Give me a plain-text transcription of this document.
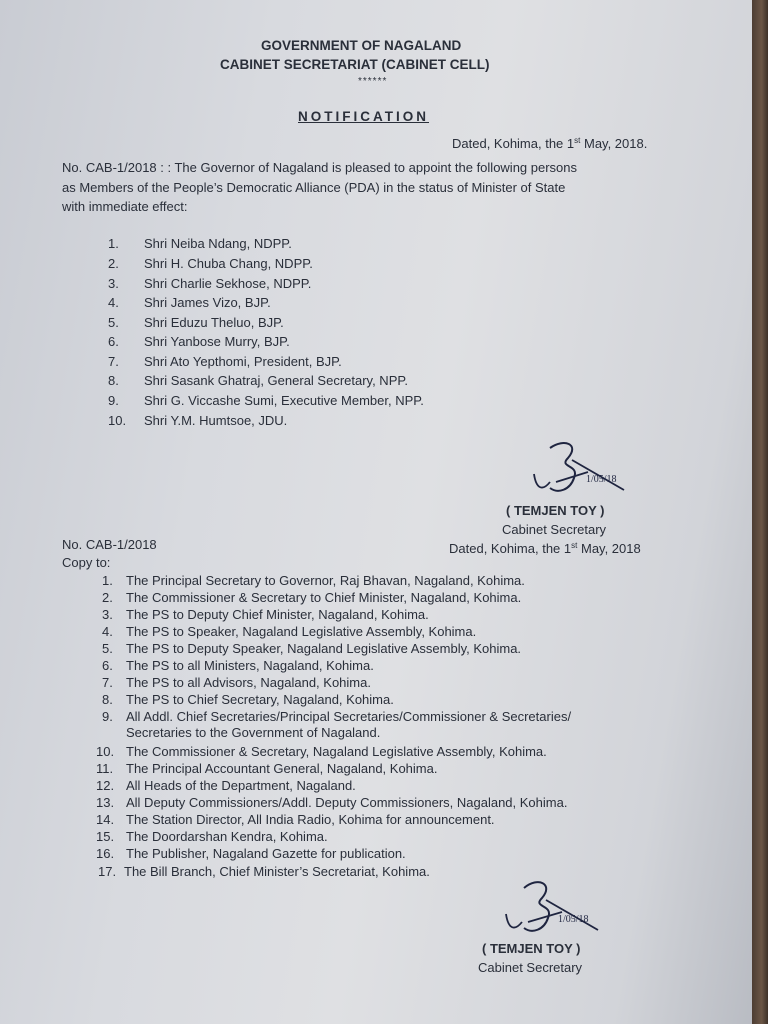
GOVERNMENT OF NAGALAND
CABINET SECRETARIAT (CABINET CELL)
******
NOTIFICATION
Dated, Kohima, the 1st May, 2018.
No. CAB-1/2018 : : The Governor of Nagaland is pleased to appoint the following persons
as Members of the People’s Democratic Alliance (PDA) in the status of Minister of State
with immediate effect:
1. Shri Neiba Ndang, NDPP.
2. Shri H. Chuba Chang, NDPP.
3. Shri Charlie Sekhose, NDPP.
4. Shri James Vizo, BJP.
5. Shri Eduzu Theluo, BJP.
6. Shri Yanbose Murry, BJP.
7. Shri Ato Yepthomi, President, BJP.
8. Shri Sasank Ghatraj, General Secretary, NPP.
9. Shri G. Viccashe Sumi, Executive Member, NPP.
10. Shri Y.M. Humtsoe, JDU.
1/05/18
( TEMJEN TOY )
Cabinet Secretary
No. CAB-1/2018	Dated, Kohima, the 1st May, 2018
Copy to:
1. The Principal Secretary to Governor, Raj Bhavan, Nagaland, Kohima.
2. The Commissioner & Secretary to Chief Minister, Nagaland, Kohima.
3. The PS to Deputy Chief Minister, Nagaland, Kohima.
4. The PS to Speaker, Nagaland Legislative Assembly, Kohima.
5. The PS to Deputy Speaker, Nagaland Legislative Assembly, Kohima.
6. The PS to all Ministers, Nagaland, Kohima.
7. The PS to all Advisors, Nagaland, Kohima.
8. The PS to Chief Secretary, Nagaland, Kohima.
9. All Addl. Chief Secretaries/Principal Secretaries/Commissioner & Secretaries/
Secretaries to the Government of Nagaland.
10. The Commissioner & Secretary, Nagaland Legislative Assembly, Kohima.
11. The Principal Accountant General, Nagaland, Kohima.
12. All Heads of the Department, Nagaland.
13. All Deputy Commissioners/Addl. Deputy Commissioners, Nagaland, Kohima.
14. The Station Director, All India Radio, Kohima for announcement.
15. The Doordarshan Kendra, Kohima.
16. The Publisher, Nagaland Gazette for publication.
17. The Bill Branch, Chief Minister’s Secretariat, Kohima.
1/05/18
( TEMJEN TOY )
Cabinet Secretary
